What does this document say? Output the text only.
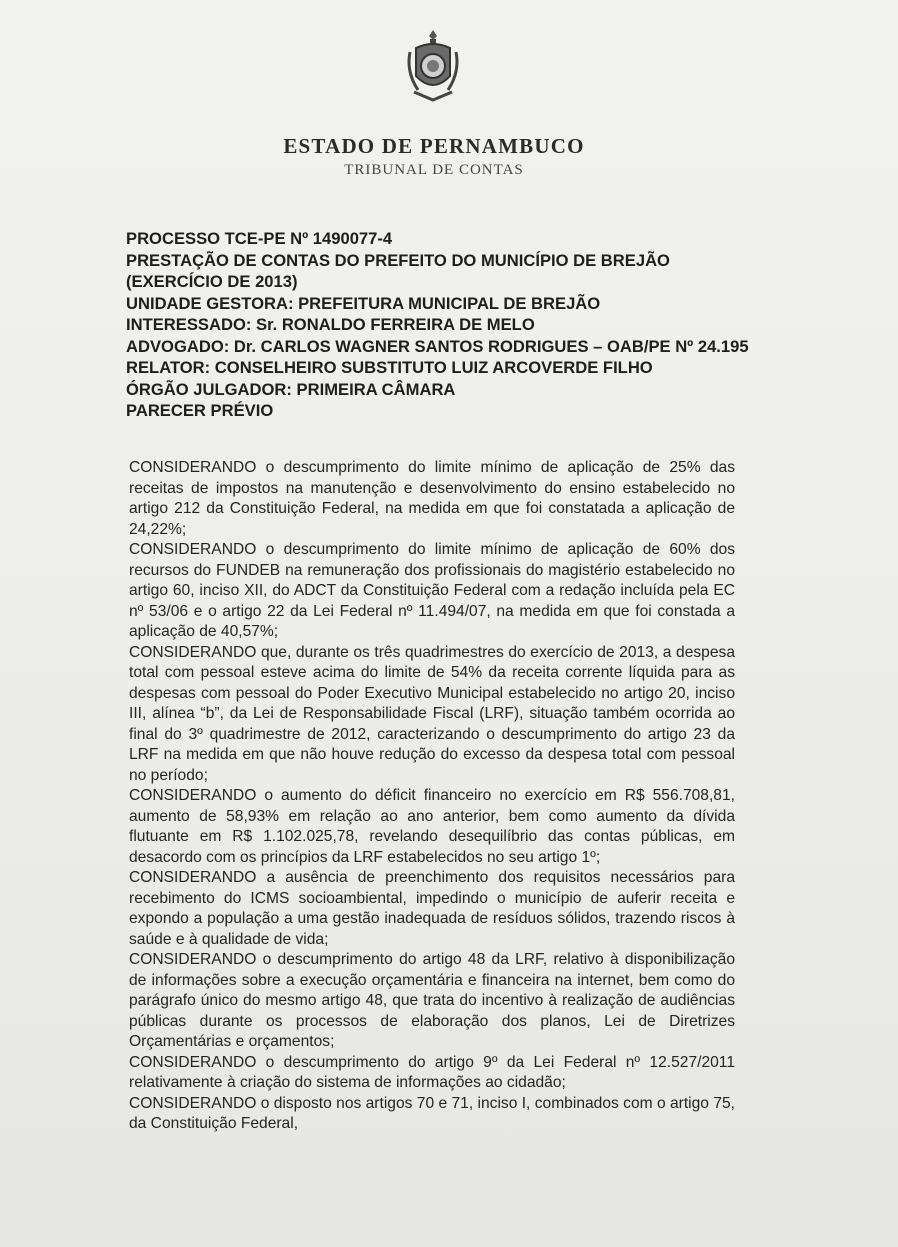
ESTADO DE PERNAMBUCO
TRIBUNAL DE CONTAS
PROCESSO TCE-PE Nº 1490077-4
PRESTAÇÃO DE CONTAS DO PREFEITO DO MUNICÍPIO DE BREJÃO (EXERCÍCIO DE 2013)
UNIDADE GESTORA: PREFEITURA MUNICIPAL DE BREJÃO
INTERESSADO: Sr. RONALDO FERREIRA DE MELO
ADVOGADO: Dr. CARLOS WAGNER SANTOS RODRIGUES – OAB/PE Nº 24.195
RELATOR: CONSELHEIRO SUBSTITUTO LUIZ ARCOVERDE FILHO
ÓRGÃO JULGADOR: PRIMEIRA CÂMARA
PARECER PRÉVIO

CONSIDERANDO o descumprimento do limite mínimo de aplicação de 25% das receitas de impostos na manutenção e desenvolvimento do ensino estabelecido no artigo 212 da Constituição Federal, na medida em que foi constatada a aplicação de 24,22%;

CONSIDERANDO o descumprimento do limite mínimo de aplicação de 60% dos recursos do FUNDEB na remuneração dos profissionais do magistério estabelecido no artigo 60, inciso XII, do ADCT da Constituição Federal com a redação incluída pela EC nº 53/06 e o artigo 22 da Lei Federal nº 11.494/07, na medida em que foi constada a aplicação de 40,57%;

CONSIDERANDO que, durante os três quadrimestres do exercício de 2013, a despesa total com pessoal esteve acima do limite de 54% da receita corrente líquida para as despesas com pessoal do Poder Executivo Municipal estabelecido no artigo 20, inciso III, alínea “b”, da Lei de Responsabilidade Fiscal (LRF), situação também ocorrida ao final do 3º quadrimestre de 2012, caracterizando o descumprimento do artigo 23 da LRF na medida em que não houve redução do excesso da despesa total com pessoal no período;

CONSIDERANDO o aumento do déficit financeiro no exercício em R$ 556.708,81, aumento de 58,93% em relação ao ano anterior, bem como aumento da dívida flutuante em R$ 1.102.025,78, revelando desequilíbrio das contas públicas, em desacordo com os princípios da LRF estabelecidos no seu artigo 1º;

CONSIDERANDO a ausência de preenchimento dos requisitos necessários para recebimento do ICMS socioambiental, impedindo o município de auferir receita e expondo a população a uma gestão inadequada de resíduos sólidos, trazendo riscos à saúde e à qualidade de vida;

CONSIDERANDO o descumprimento do artigo 48 da LRF, relativo à disponibilização de informações sobre a execução orçamentária e financeira na internet, bem como do parágrafo único do mesmo artigo 48, que trata do incentivo à realização de audiências públicas durante os processos de elaboração dos planos, Lei de Diretrizes Orçamentárias e orçamentos;

CONSIDERANDO o descumprimento do artigo 9º da Lei Federal nº 12.527/2011 relativamente à criação do sistema de informações ao cidadão;

CONSIDERANDO o disposto nos artigos 70 e 71, inciso I, combinados com o artigo 75, da Constituição Federal,
